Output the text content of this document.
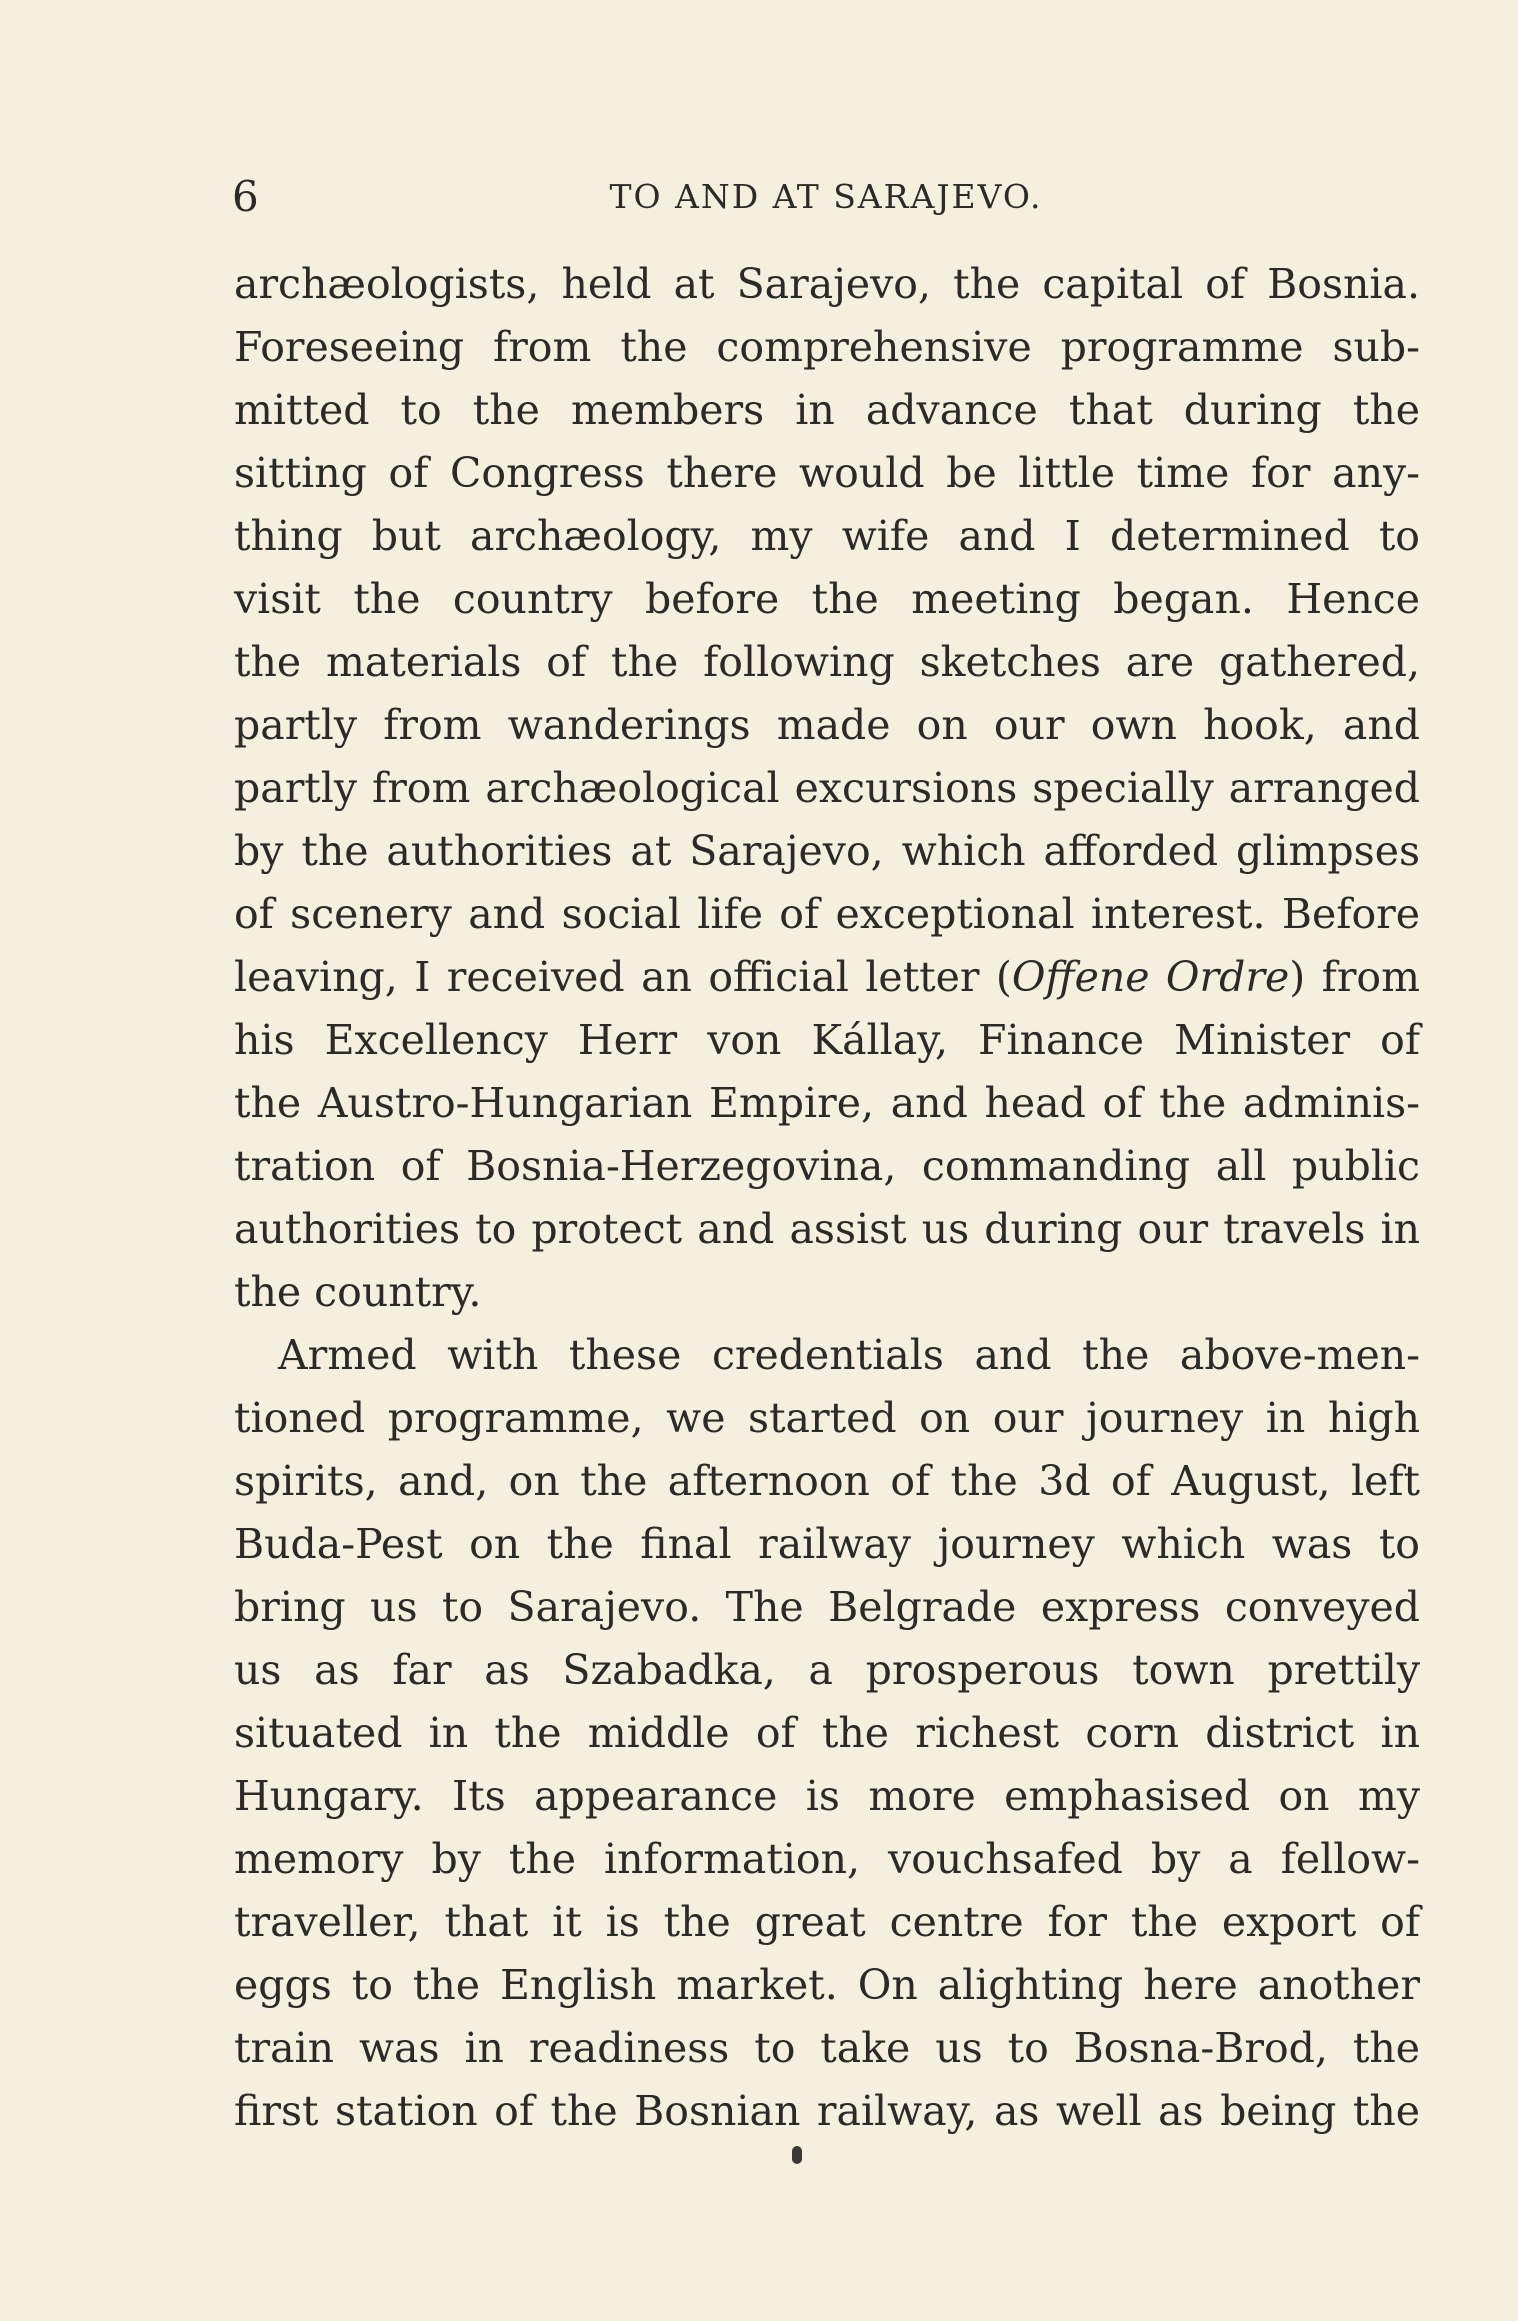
6	TO AND AT SARAJEVO.
archæologists, held at Sarajevo, the capital of Bosnia.
Foreseeing from the comprehensive programme sub-
mitted to the members in advance that during the
sitting of Congress there would be little time for any-
thing but archæology, my wife and I determined to
visit the country before the meeting began. Hence
the materials of the following sketches are gathered,
partly from wanderings made on our own hook, and
partly from archæological excursions specially arranged
by the authorities at Sarajevo, which afforded glimpses
of scenery and social life of exceptional interest. Before
leaving, I received an official letter (Offene Ordre) from
his Excellency Herr von Kállay, Finance Minister of
the Austro-Hungarian Empire, and head of the adminis-
tration of Bosnia-Herzegovina, commanding all public
authorities to protect and assist us during our travels in
the country.
Armed with these credentials and the above-men-
tioned programme, we started on our journey in high
spirits, and, on the afternoon of the 3d of August, left
Buda-Pest on the final railway journey which was to
bring us to Sarajevo. The Belgrade express conveyed
us as far as Szabadka, a prosperous town prettily
situated in the middle of the richest corn district in
Hungary. Its appearance is more emphasised on my
memory by the information, vouchsafed by a fellow-
traveller, that it is the great centre for the export of
eggs to the English market. On alighting here another
train was in readiness to take us to Bosna-Brod, the
first station of the Bosnian railway, as well as being the
